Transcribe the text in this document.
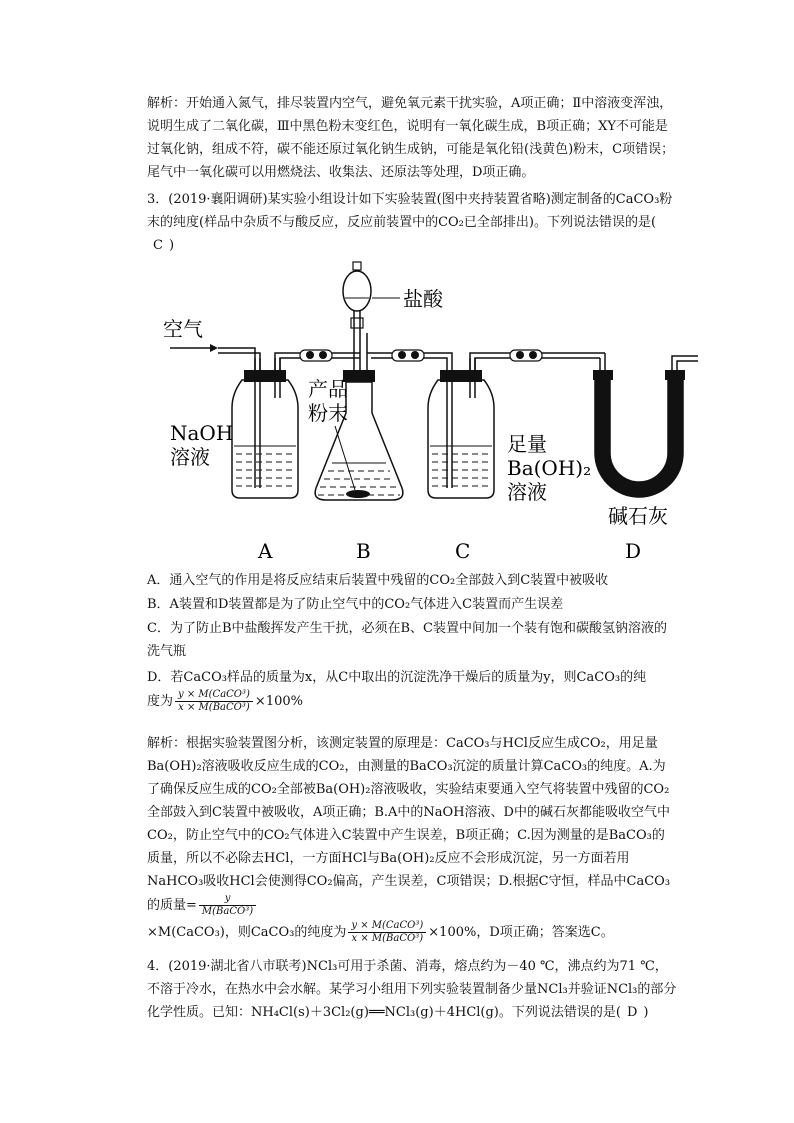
解析：开始通入氮气，排尽装置内空气，避免氧元素干扰实验，A项正确；Ⅱ中溶液变浑浊，说明生成了二氧化碳，Ⅲ中黑色粉末变红色，说明有一氧化碳生成，B项正确；XY不可能是过氧化钠，组成不符，碳不能还原过氧化钠生成钠，可能是氧化铅(浅黄色)粉末，C项错误；尾气中一氧化碳可以用燃烧法、收集法、还原法等处理，D项正确。
3．(2019·襄阳调研)某实验小组设计如下实验装置(图中夹持装置省略)测定制备的CaCO₃粉末的纯度(样品中杂质不与酸反应，反应前装置中的CO₂已全部排出)。下列说法错误的是(C )
空气
盐酸
产品
粉末
NaOH
溶液
足量
Ba(OH)₂
溶液
碱石灰
A	B	C	D
A．通入空气的作用是将反应结束后装置中残留的CO₂全部鼓入到C装置中被吸收
B．A装置和D装置都是为了防止空气中的CO₂气体进入C装置而产生误差
C．为了防止B中盐酸挥发产生干扰，必须在B、C装置中间加一个装有饱和碳酸氢钠溶液的洗气瓶
D．若CaCO₃样品的质量为x，从C中取出的沉淀洗净干燥后的质量为y，则CaCO₃的纯
度为 $\frac{\text{y × M(CaCO³)}}{\text{x × M(BaCO³)}} \times 100\%$
解析：根据实验装置图分析，该测定装置的原理是：CaCO₃与HCl反应生成CO₂，用足量Ba(OH)₂溶液吸收反应生成的CO₂，由测量的BaCO₃沉淀的质量计算CaCO₃的纯度。A.为了确保反应生成的CO₂全部被Ba(OH)₂溶液吸收，实验结束要通入空气将装置中残留的CO₂全部鼓入到C装置中被吸收，A项正确；B.A中的NaOH溶液、D中的碱石灰都能吸收空气中CO₂，防止空气中的CO₂气体进入C装置中产生误差，B项正确；C.因为测量的是BaCO₃的质量，所以不必除去HCl，一方面HCl与Ba(OH)₂反应不会形成沉淀，另一方面若用NaHCO₃吸收HCl会使测得CO₂偏高，产生误差，C项错误；D.根据C守恒，样品中CaCO₃的质量= $\frac{y}{\text{M(BaCO³)}}$
×M(CaCO₃)，则CaCO₃的纯度为 $\frac{\text{y × M(CaCO³)}}{\text{x × M(BaCO³)}} \times 100\%$，D项正确；答案选C。
4．(2019·湖北省八市联考)NCl₃可用于杀菌、消毒，熔点约为－40 ℃，沸点约为71 ℃，不溶于冷水，在热水中会水解。某学习小组用下列实验装置制备少量NCl₃并验证NCl₃的部分化学性质。已知：NH₄Cl(s)＋3Cl₂(g)══NCl₃(g)＋4HCl(g)。下列说法错误的是( D )
